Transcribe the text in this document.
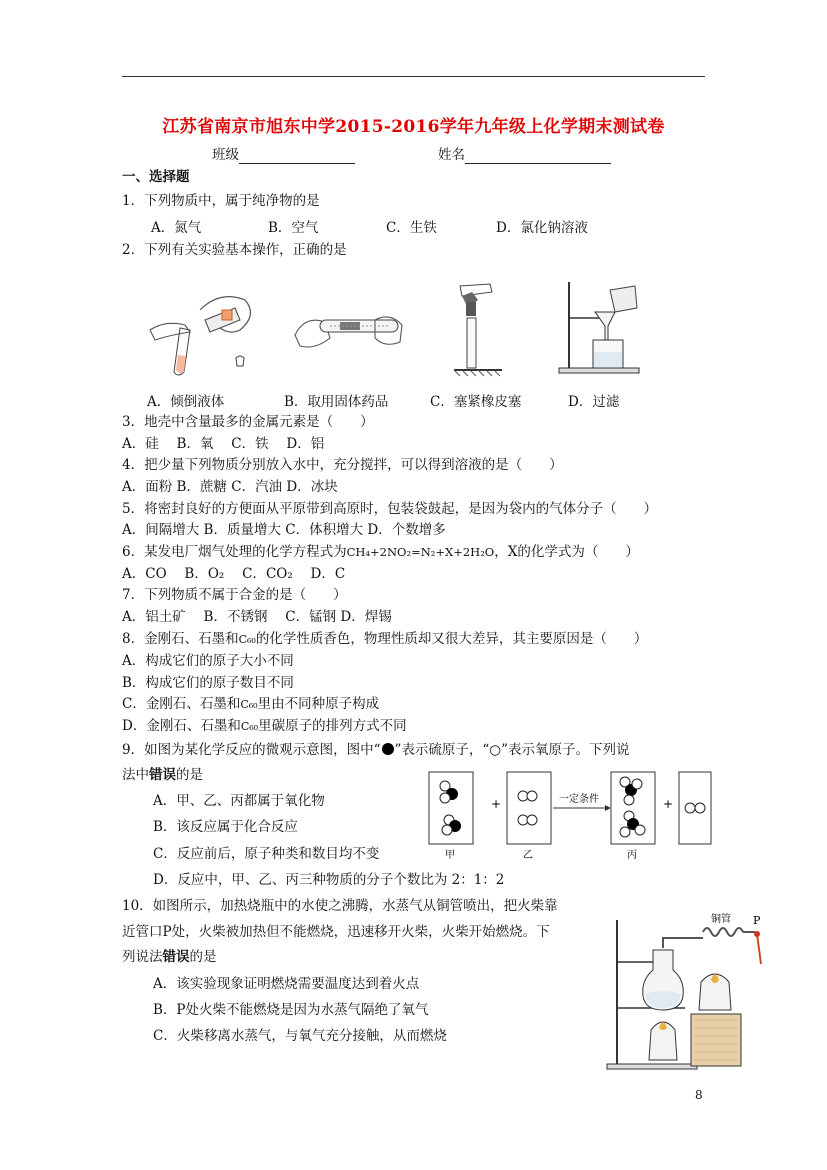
江苏省南京市旭东中学2015-2016学年九年级上化学期末测试卷
班级	姓名
一、选择题
1．下列物质中，属于纯净物的是
A．氮气	B．空气	C．生铁	D．氯化钠溶液
2．下列有关实验基本操作，正确的是
A．倾倒液体	B．取用固体药品	C．塞紧橡皮塞	D．过滤
3．地壳中含量最多的金属元素是（　　）
A．硅　 B．氧　 C．铁　 D．铝
4．把少量下列物质分别放入水中，充分搅拌，可以得到溶液的是（　　）
A．面粉 B．蔗糖 C．汽油 D．冰块
5．将密封良好的方便面从平原带到高原时，包装袋鼓起，是因为袋内的气体分子（　　）
A．间隔增大 B．质量增大 C．体积增大 D．个数增多
6．某发电厂烟气处理的化学方程式为CH₄+2NO₂=N₂+X+2H₂O，X的化学式为（　　）
A．CO　 B．O₂　 C．CO₂　 D．C
7．下列物质不属于合金的是（　　）
A．铝土矿　 B．不锈钢　 C．锰钢 D．焊锡
8．金刚石、石墨和C₆₀的化学性质香色，物理性质却又很大差异，其主要原因是（　　）
A．构成它们的原子大小不同
B．构成它们的原子数目不同
C．金刚石、石墨和C₆₀里由不同种原子构成
D．金刚石、石墨和C₆₀里碳原子的排列方式不同
9．如图为某化学反应的微观示意图，图中“ ”表示硫原子，“○”表示氧原子。下列说
法中错误的是
A．甲、乙、丙都属于氧化物
B．该反应属于化合反应
C．反应前后，原子种类和数目均不变
D．反应中，甲、乙、丙三种物质的分子个数比为 2：1：2
+	一定条件	+
甲	乙	丙
10．如图所示，加热烧瓶中的水使之沸腾，水蒸气从铜管喷出，把火柴靠
近管口P处，火柴被加热但不能燃烧，迅速移开火柴，火柴开始燃烧。下
列说法错误的是
A．该实验现象证明燃烧需要温度达到着火点
B．P处火柴不能燃烧是因为水蒸气隔绝了氧气
C．火柴移离水蒸气，与氧气充分接触，从而燃烧
铜管 P
8
